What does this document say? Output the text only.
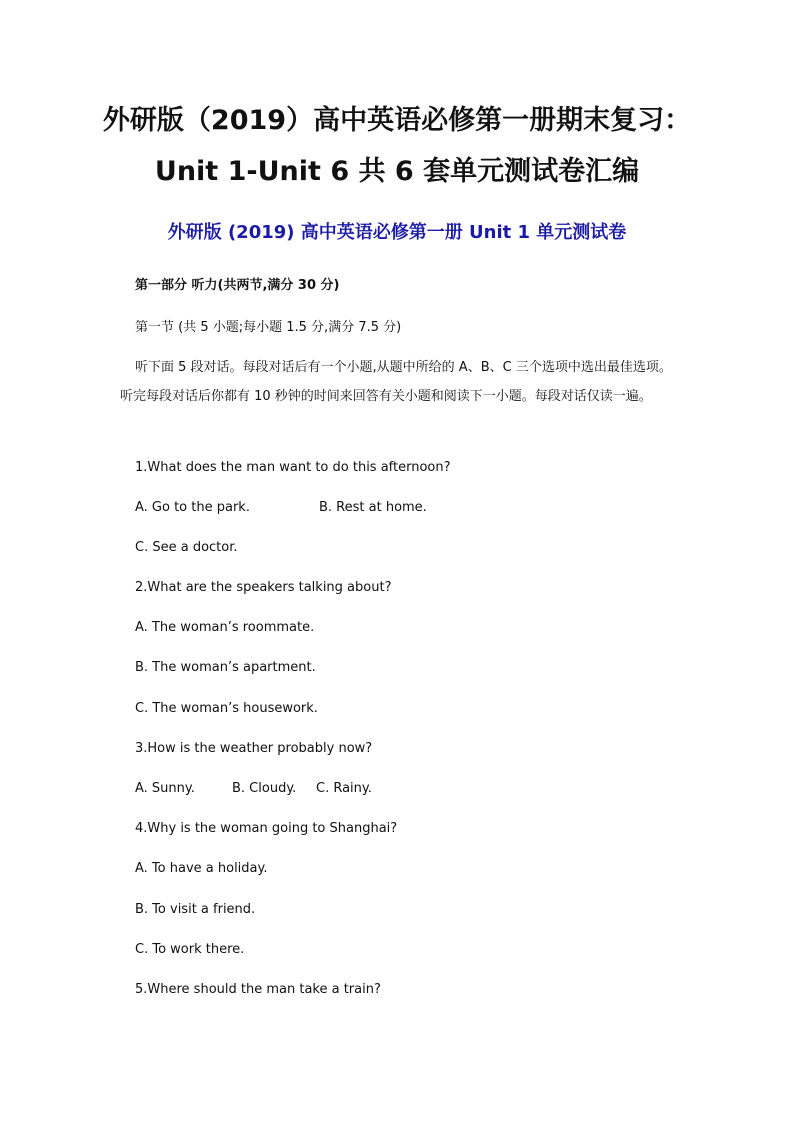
外研版（2019）高中英语必修第一册期末复习：
Unit 1-Unit 6 共 6 套单元测试卷汇编
外研版 (2019) 高中英语必修第一册 Unit 1 单元测试卷
第一部分 听力(共两节,满分 30 分)
第一节 (共 5 小题;每小题 1.5 分,满分 7.5 分)
听下面 5 段对话。每段对话后有一个小题,从题中所给的 A、B、C 三个选项中选出最佳选项。听完每段对话后你都有 10 秒钟的时间来回答有关小题和阅读下一小题。每段对话仅读一遍。
1.What does the man want to do this afternoon?
A. Go to the park.	B. Rest at home.
C. See a doctor.
2.What are the speakers talking about?
A. The woman’s roommate.
B. The woman’s apartment.
C. The woman’s housework.
3.How is the weather probably now?
A. Sunny.	B. Cloudy. C. Rainy.
4.Why is the woman going to Shanghai?
A. To have a holiday.
B. To visit a friend.
C. To work there.
5.Where should the man take a train?
